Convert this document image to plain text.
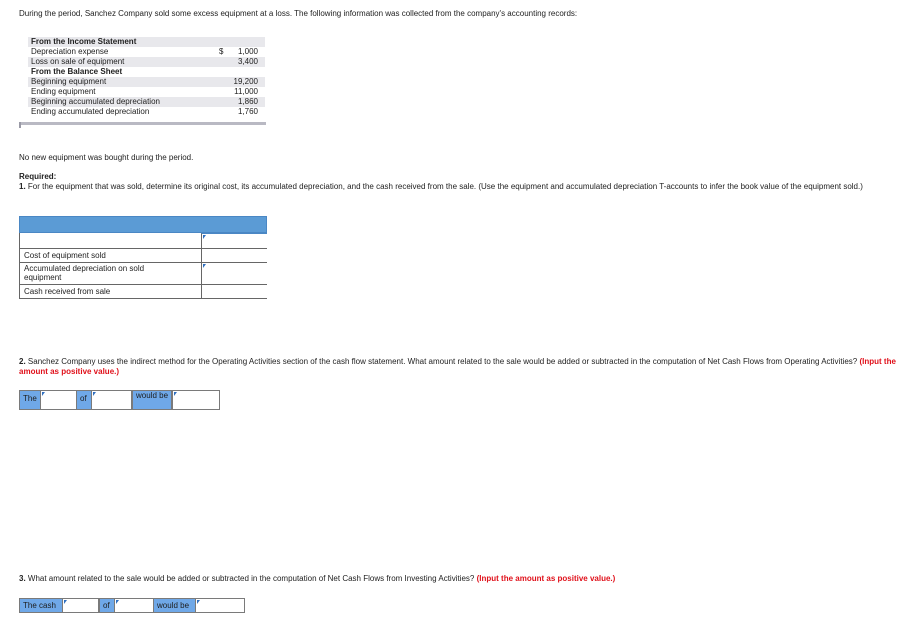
During the period, Sanchez Company sold some excess equipment at a loss. The following information was collected from the company's accounting records:
From the Income Statement
Depreciation expense	$ 1,000
Loss on sale of equipment	3,400
From the Balance Sheet
Beginning equipment	19,200
Ending equipment	11,000
Beginning accumulated depreciation	1,860
Ending accumulated depreciation	1,760
No new equipment was bought during the period.
Required:
1. For the equipment that was sold, determine its original cost, its accumulated depreciation, and the cash received from the sale. (Use the equipment and accumulated depreciation T-accounts to infer the book value of the equipment sold.)
Cost of equipment sold
Accumulated depreciation on sold equipment
Cash received from sale
2. Sanchez Company uses the indirect method for the Operating Activities section of the cash flow statement. What amount related to the sale would be added or subtracted in the computation of Net Cash Flows from Operating Activities? (Input the amount as positive value.)
The	of	would be
3. What amount related to the sale would be added or subtracted in the computation of Net Cash Flows from Investing Activities? (Input the amount as positive value.)
The cash	of	would be
